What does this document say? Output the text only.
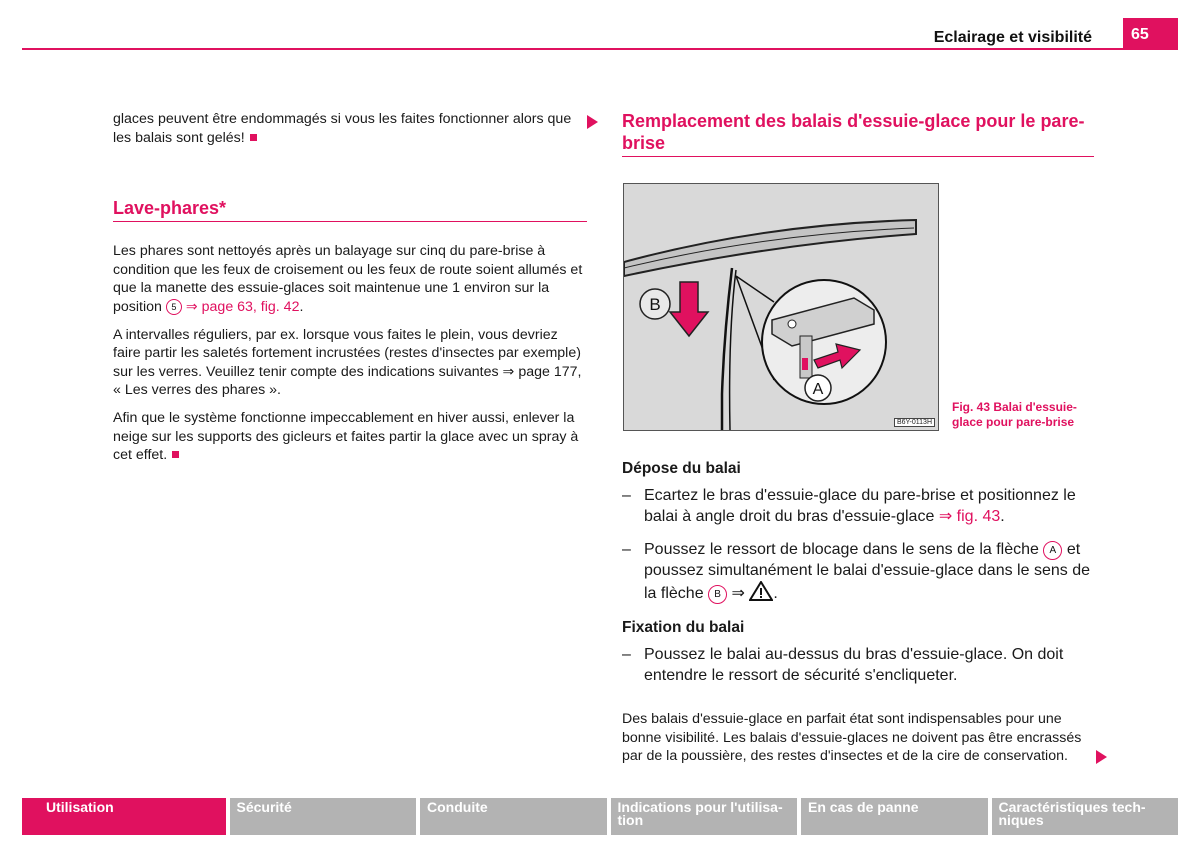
Eclairage et visibilité	65

glaces peuvent être endommagés si vous les faites fonctionner alors que les balais sont gelés!

Lave-phares*

Les phares sont nettoyés après un balayage sur cinq du pare-brise à condition que les feux de croisement ou les feux de route soient allumés et que la manette des essuie-glaces soit maintenue une 1 environ sur la position 5 ⇒ page 63, fig. 42.

A intervalles réguliers, par ex. lorsque vous faites le plein, vous devriez faire partir les saletés fortement incrustées (restes d'insectes par exemple) sur les verres. Veuillez tenir compte des indications suivantes ⇒ page 177, « Les verres des phares ».

Afin que le système fonctionne impeccablement en hiver aussi, enlever la neige sur les supports des gicleurs et faites partir la glace avec un spray à cet effet.

Remplacement des balais d'essuie-glace pour le pare-brise
B
A
B6Y-0113H
Fig. 43 Balai d'essuie-glace pour pare-brise

Dépose du balai

– Ecartez le bras d'essuie-glace du pare-brise et positionnez le balai à angle droit du bras d'essuie-glace ⇒ fig. 43.
– Poussez le ressort de blocage dans le sens de la flèche A et poussez simultanément le balai d'essuie-glace dans le sens de la flèche B ⇒ .

Fixation du balai

– Poussez le balai au-dessus du bras d'essuie-glace. On doit entendre le ressort de sécurité s'encliqueter.

Des balais d'essuie-glace en parfait état sont indispensables pour une bonne visibilité. Les balais d'essuie-glaces ne doivent pas être encrassés par de la poussière, des restes d'insectes et de la cire de conservation.

Utilisation	Sécurité	Conduite	Indications pour l'utilisa-tion
En cas de panne	Caractéristiques tech-niques
